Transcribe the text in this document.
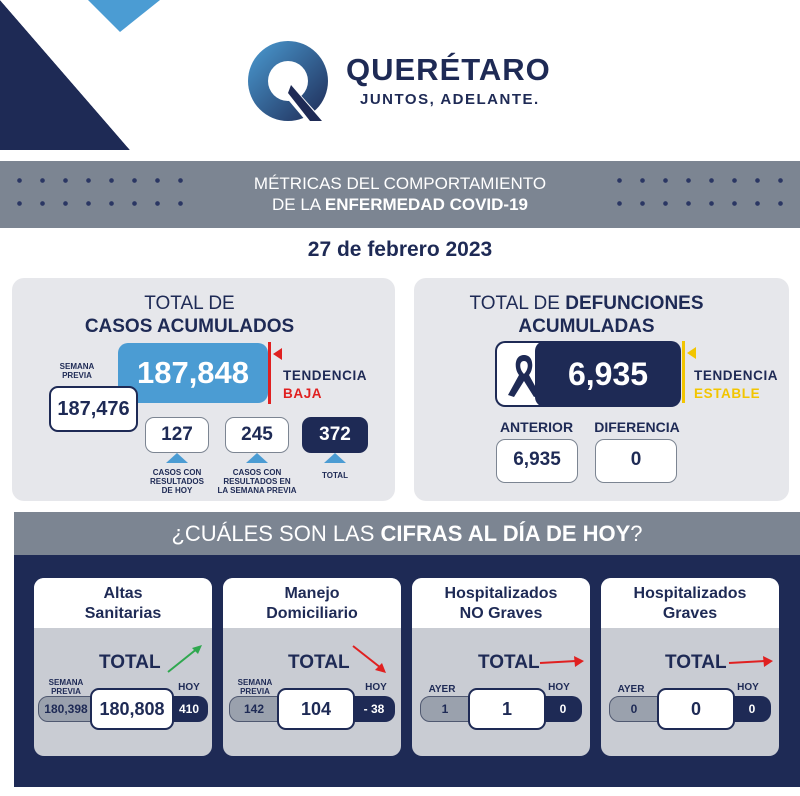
QUERÉTARO
JUNTOS, ADELANTE.
MÉTRICAS DEL COMPORTAMIENTO
DE LA ENFERMEDAD COVID-19
27 de febrero 2023
TOTAL DE
CASOS ACUMULADOS
SEMANA
PREVIA	187,848
187,476
TENDENCIA
BAJA
127
CASOS CON
RESULTADOS
DE HOY
245
CASOS CON
RESULTADOS EN
LA SEMANA PREVIA
372
TOTAL
TOTAL DE DEFUNCIONES
ACUMULADAS
6,935	TENDENCIA
ESTABLE
ANTERIOR
6,935
DIFERENCIA
0
¿CUÁLES SON LAS CIFRAS AL DÍA DE HOY?
Altas
Sanitarias
TOTAL
SEMANA
PREVIA	HOY
180,398	410
180,808
Manejo
Domiciliario
TOTAL
SEMANA
PREVIA	HOY
142	- 38
104
Hospitalizados
NO Graves
TOTAL
AYER	HOY
1	0
1
Hospitalizados
Graves
TOTAL
AYER	HOY
0	0
0
